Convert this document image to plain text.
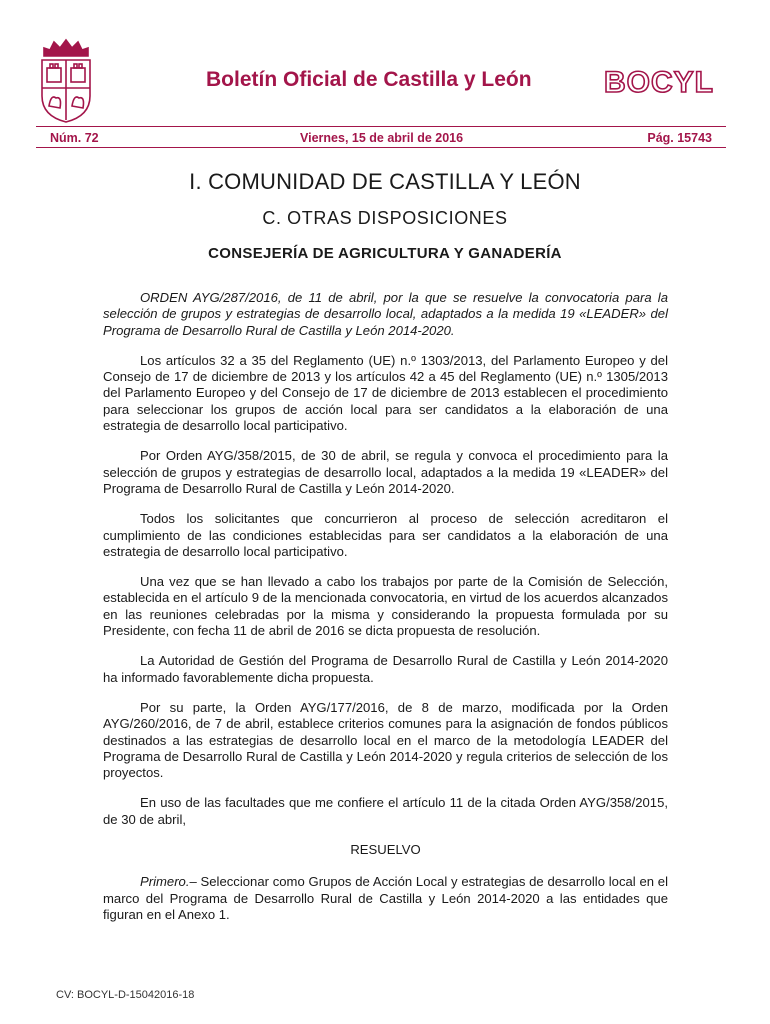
Boletín Oficial de Castilla y León BOCYL
Núm. 72	Viernes, 15 de abril de 2016	Pág. 15743
I. COMUNIDAD DE CASTILLA Y LEÓN
C. OTRAS DISPOSICIONES
CONSEJERÍA DE AGRICULTURA Y GANADERÍA

ORDEN AYG/287/2016, de 11 de abril, por la que se resuelve la convocatoria para la selección de grupos y estrategias de desarrollo local, adaptados a la medida 19 «LEADER» del Programa de Desarrollo Rural de Castilla y León 2014-2020.

Los artículos 32 a 35 del Reglamento (UE) n.º 1303/2013, del Parlamento Europeo y del Consejo de 17 de diciembre de 2013 y los artículos 42 a 45 del Reglamento (UE) n.º 1305/2013 del Parlamento Europeo y del Consejo de 17 de diciembre de 2013 establecen el procedimiento para seleccionar los grupos de acción local para ser candidatos a la elaboración de una estrategia de desarrollo local participativo.

Por Orden AYG/358/2015, de 30 de abril, se regula y convoca el procedimiento para la selección de grupos y estrategias de desarrollo local, adaptados a la medida 19 «LEADER» del Programa de Desarrollo Rural de Castilla y León 2014-2020.

Todos los solicitantes que concurrieron al proceso de selección acreditaron el cumplimiento de las condiciones establecidas para ser candidatos a la elaboración de una estrategia de desarrollo local participativo.

Una vez que se han llevado a cabo los trabajos por parte de la Comisión de Selección, establecida en el artículo 9 de la mencionada convocatoria, en virtud de los acuerdos alcanzados en las reuniones celebradas por la misma y considerando la propuesta formulada por su Presidente, con fecha 11 de abril de 2016 se dicta propuesta de resolución.

La Autoridad de Gestión del Programa de Desarrollo Rural de Castilla y León 2014-2020 ha informado favorablemente dicha propuesta.

Por su parte, la Orden AYG/177/2016, de 8 de marzo, modificada por la Orden AYG/260/2016, de 7 de abril, establece criterios comunes para la asignación de fondos públicos destinados a las estrategias de desarrollo local en el marco de la metodología LEADER del Programa de Desarrollo Rural de Castilla y León 2014-2020 y regula criterios de selección de los proyectos.

En uso de las facultades que me confiere el artículo 11 de la citada Orden AYG/358/2015, de 30 de abril,

RESUELVO

Primero.– Seleccionar como Grupos de Acción Local y estrategias de desarrollo local en el marco del Programa de Desarrollo Rural de Castilla y León 2014-2020 a las entidades que figuran en el Anexo 1.

CV: BOCYL-D-15042016-18
